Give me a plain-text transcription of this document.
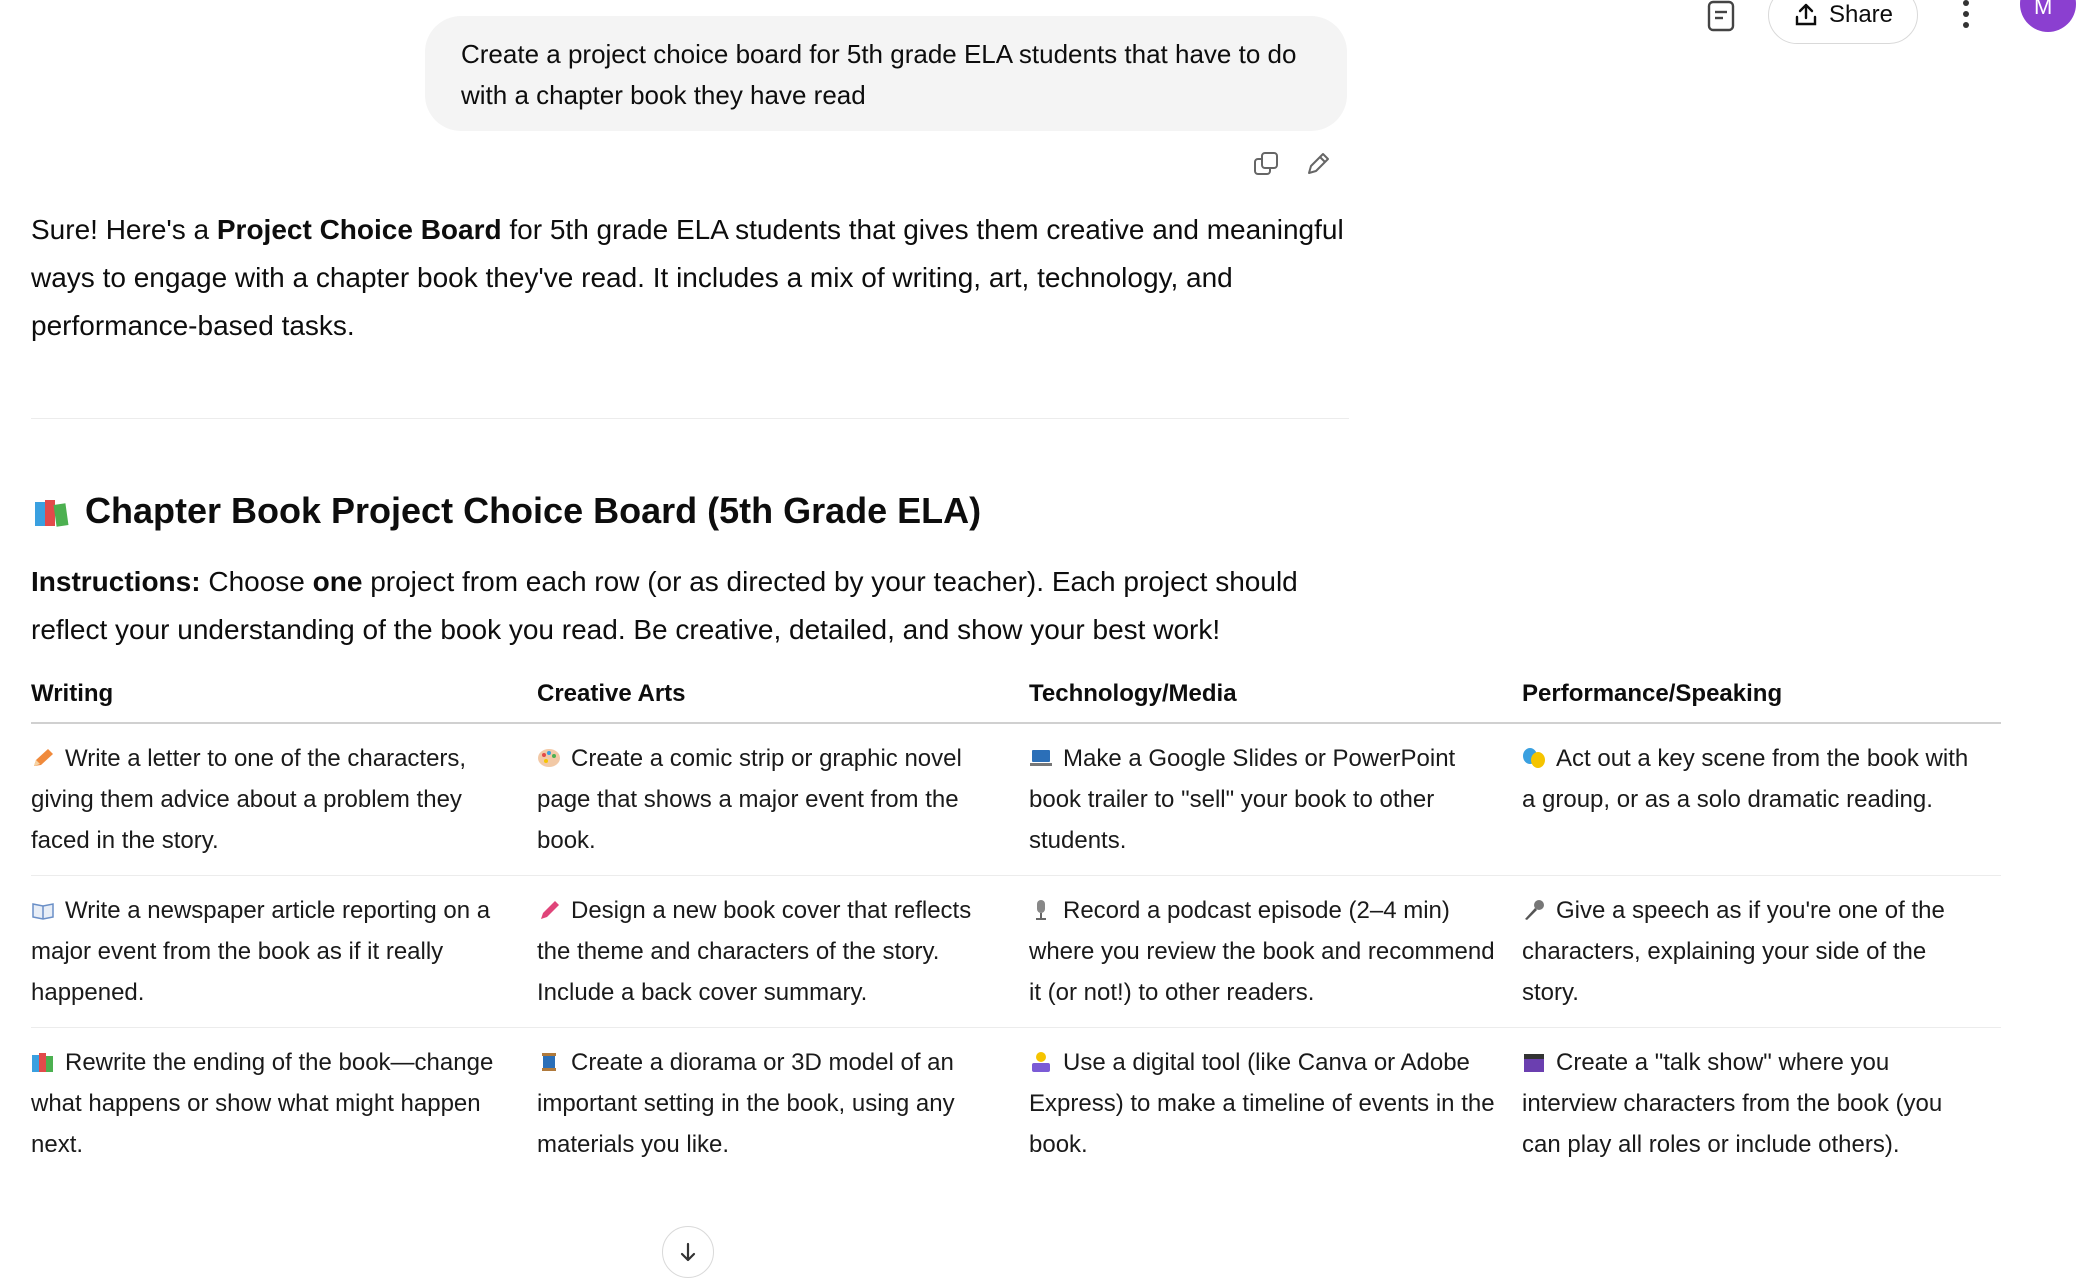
Share	M
Create a project choice board for 5th grade ELA students that have to do with a chapter book they have read
Sure! Here's a Project Choice Board for 5th grade ELA students that gives them creative and meaningful ways to engage with a chapter book they've read. It includes a mix of writing, art, technology, and performance-based tasks.
Chapter Book Project Choice Board (5th Grade ELA)
Instructions: Choose one project from each row (or as directed by your teacher). Each project should reflect your understanding of the book you read. Be creative, detailed, and show your best work!
Writing	Creative Arts	Technology/Media	Performance/Speaking
Write a letter to one of the characters, giving them advice about a problem they faced in the story.	Create a comic strip or graphic novel page that shows a major event from the book.	Make a Google Slides or PowerPoint book trailer to "sell" your book to other students.	Act out a key scene from the book with a group, or as a solo dramatic reading.
Write a newspaper article reporting on a major event from the book as if it really happened.	Design a new book cover that reflects the theme and characters of the story. Include a back cover summary.	Record a podcast episode (2–4 min) where you review the book and recommend it (or not!) to other readers.	Give a speech as if you're one of the characters, explaining your side of the story.
Rewrite the ending of the book—change what happens or show what might happen next.	Create a diorama or 3D model of an important setting in the book, using any materials you like.	Use a digital tool (like Canva or Adobe Express) to make a timeline of events in the book.	Create a "talk show" where you interview characters from the book (you can play all roles or include others).
